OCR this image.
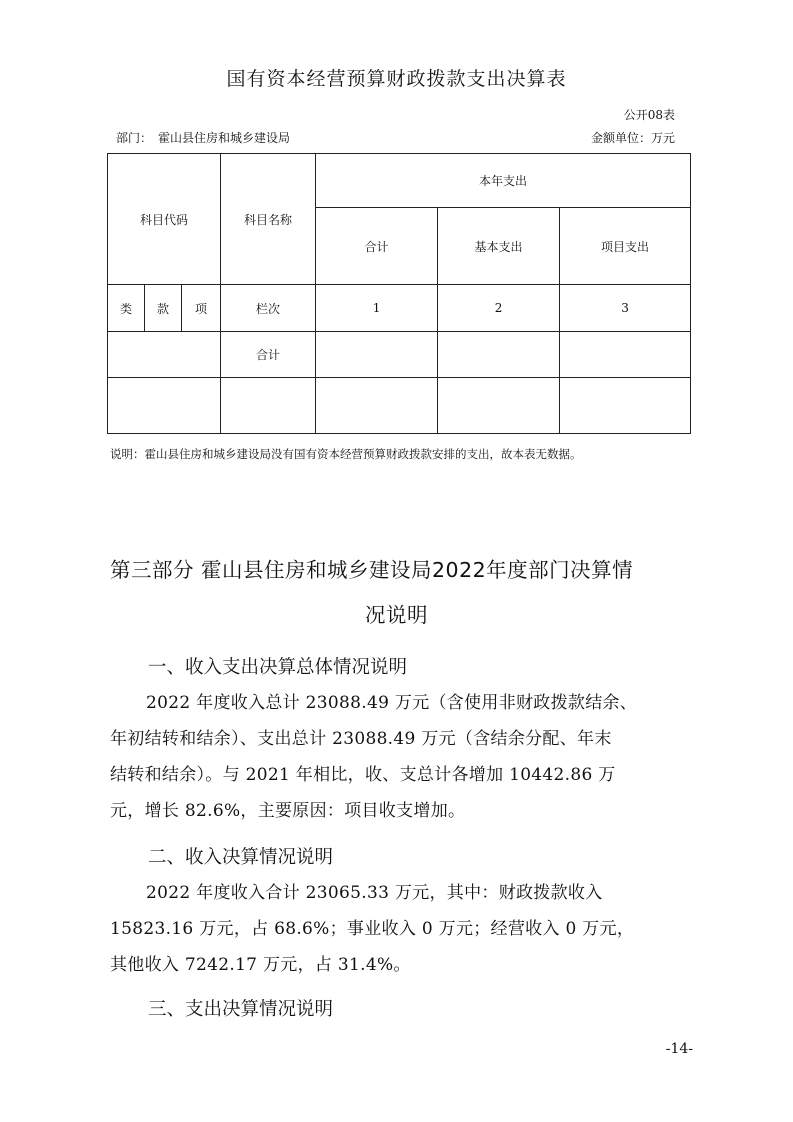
国有资本经营预算财政拨款支出决算表
公开08表
部门：　霍山县住房和城乡建设局	金额单位：万元
科目代码			科目名称	本年支出		
				合计	基本支出	项目支出
类	款	项	栏次	1	2	3
			合计			

说明：霍山县住房和城乡建设局没有国有资本经营预算财政拨款安排的支出，故本表无数据。
第三部分 霍山县住房和城乡建设局2022年度部门决算情
况说明
一、收入支出决算总体情况说明
2022 年度收入总计 23088.49 万元（含使用非财政拨款结余、
年初结转和结余）、支出总计 23088.49 万元（含结余分配、年末
结转和结余）。与 2021 年相比，收、支总计各增加 10442.86 万
元，增长 82.6%，主要原因：项目收支增加。
二、收入决算情况说明
2022 年度收入合计 23065.33 万元，其中：财政拨款收入
15823.16 万元，占 68.6%；事业收入 0 万元；经营收入 0 万元，
其他收入 7242.17 万元，占 31.4%。
三、支出决算情况说明
-14-
